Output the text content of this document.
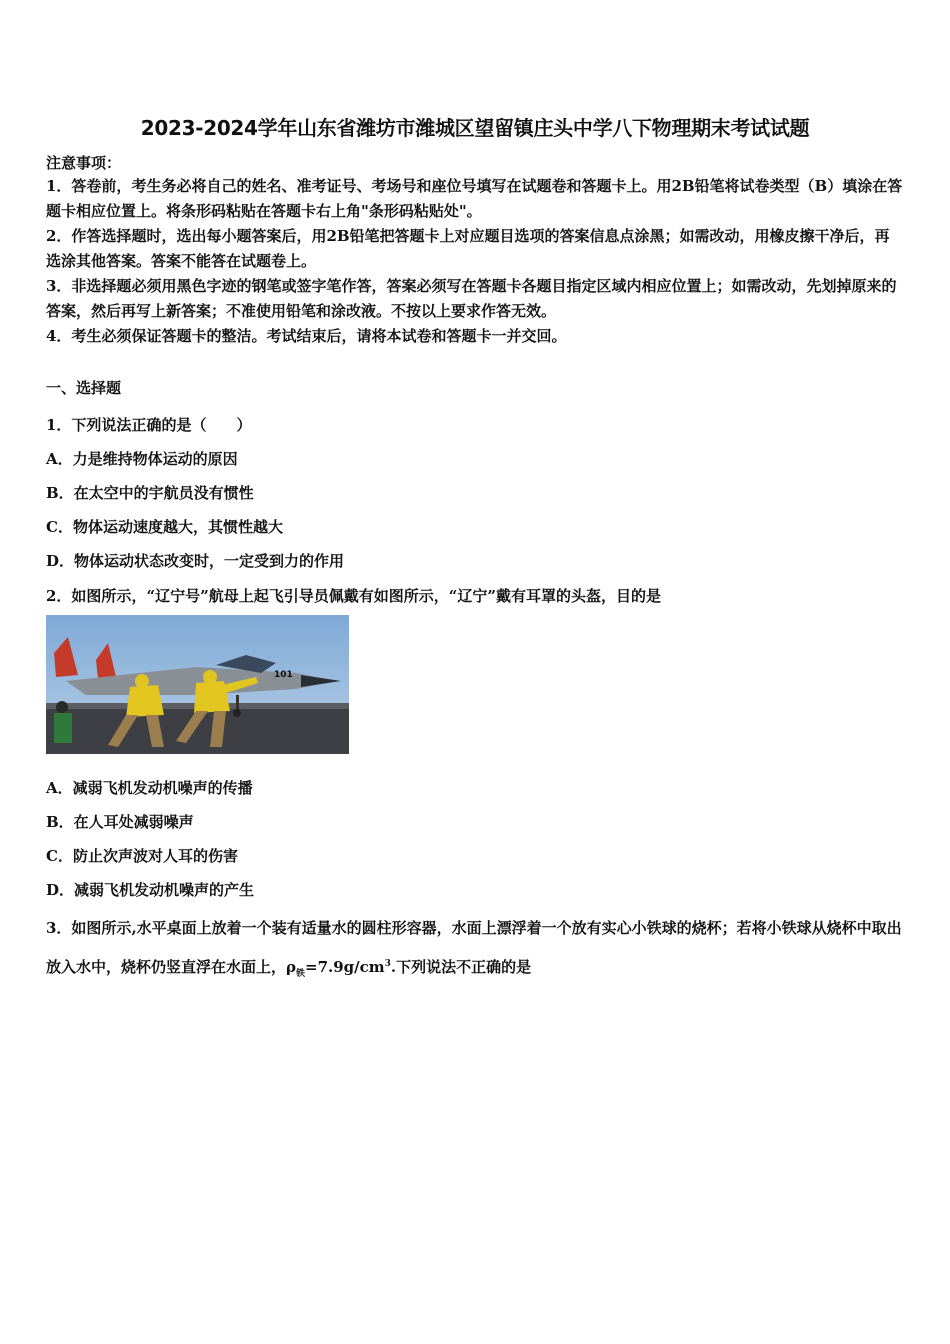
2023-2024学年山东省潍坊市潍城区望留镇庄头中学八下物理期末考试试题
注意事项：
1．答卷前，考生务必将自己的姓名、准考证号、考场号和座位号填写在试题卷和答题卡上。用2B铅笔将试卷类型（B）填涂在答题卡相应位置上。将条形码粘贴在答题卡右上角"条形码粘贴处"。
2．作答选择题时，选出每小题答案后，用2B铅笔把答题卡上对应题目选项的答案信息点涂黑；如需改动，用橡皮擦干净后，再选涂其他答案。答案不能答在试题卷上。
3．非选择题必须用黑色字迹的钢笔或签字笔作答，答案必须写在答题卡各题目指定区域内相应位置上；如需改动，先划掉原来的答案，然后再写上新答案；不准使用铅笔和涂改液。不按以上要求作答无效。
4．考生必须保证答题卡的整洁。考试结束后，请将本试卷和答题卡一并交回。
一、选择题
1．下列说法正确的是（　　）
A．力是维持物体运动的原因
B．在太空中的宇航员没有惯性
C．物体运动速度越大，其惯性越大
D．物体运动状态改变时，一定受到力的作用
2．如图所示，“辽宁号”航母上起飞引导员佩戴有如图所示，“辽宁”戴有耳罩的头盔，目的是
101
A．减弱飞机发动机噪声的传播
B．在人耳处减弱噪声
C．防止次声波对人耳的伤害
D．减弱飞机发动机噪声的产生
3．如图所示,水平桌面上放着一个装有适量水的圆柱形容器，水面上漂浮着一个放有实心小铁球的烧杯；若将小铁球从烧杯中取出放入水中，烧杯仍竖直浮在水面上，$\rho_铁=7.9g/cm^3$.下列说法不正确的是
